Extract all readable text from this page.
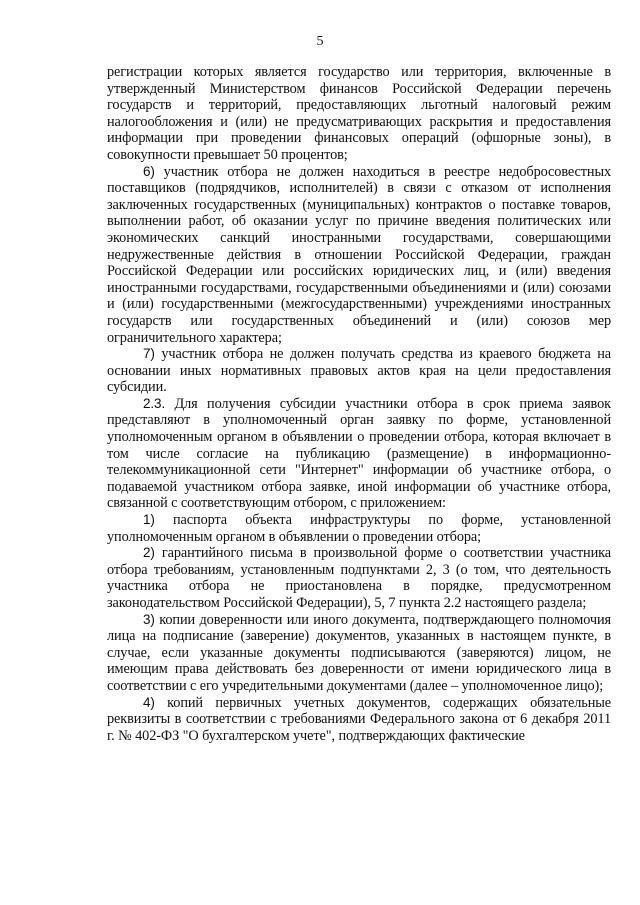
5

регистрации которых является государство или территория, включенные в утвержденный Министерством финансов Российской Федерации перечень государств и территорий, предоставляющих льготный налоговый режим налогообложения и (или) не предусматривающих раскрытия и предоставления информации при проведении финансовых операций (офшорные зоны), в совокупности превышает 50 процентов;

6) участник отбора не должен находиться в реестре недобросовестных поставщиков (подрядчиков, исполнителей) в связи с отказом от исполнения заключенных государственных (муниципальных) контрактов о поставке товаров, выполнении работ, об оказании услуг по причине введения политических или экономических санкций иностранными государствами, совершающими недружественные действия в отношении Российской Федерации, граждан Российской Федерации или российских юридических лиц, и (или) введения иностранными государствами, государственными объединениями и (или) союзами и (или) государственными (межгосударственными) учреждениями иностранных государств или государственных объединений и (или) союзов мер ограничительного характера;

7) участник отбора не должен получать средства из краевого бюджета на основании иных нормативных правовых актов края на цели предоставления субсидии.

2.3. Для получения субсидии участники отбора в срок приема заявок представляют в уполномоченный орган заявку по форме, установленной уполномоченным органом в объявлении о проведении отбора, которая включает в том числе согласие на публикацию (размещение) в информационно-телекоммуникационной сети "Интернет" информации об участнике отбора, о подаваемой участником отбора заявке, иной информации об участнике отбора, связанной с соответствующим отбором, с приложением:

1) паспорта объекта инфраструктуры по форме, установленной уполномоченным органом в объявлении о проведении отбора;

2) гарантийного письма в произвольной форме о соответствии участника отбора требованиям, установленным подпунктами 2, 3 (о том, что деятельность участника отбора не приостановлена в порядке, предусмотренном законодательством Российской Федерации), 5, 7 пункта 2.2 настоящего раздела;

3) копии доверенности или иного документа, подтверждающего полномочия лица на подписание (заверение) документов, указанных в настоящем пункте, в случае, если указанные документы подписываются (заверяются) лицом, не имеющим права действовать без доверенности от имени юридического лица в соответствии с его учредительными документами (далее – уполномоченное лицо);

4) копий первичных учетных документов, содержащих обязательные реквизиты в соответствии с требованиями Федерального закона от 6 декабря 2011 г. № 402-ФЗ "О бухгалтерском учете", подтверждающих фактические
